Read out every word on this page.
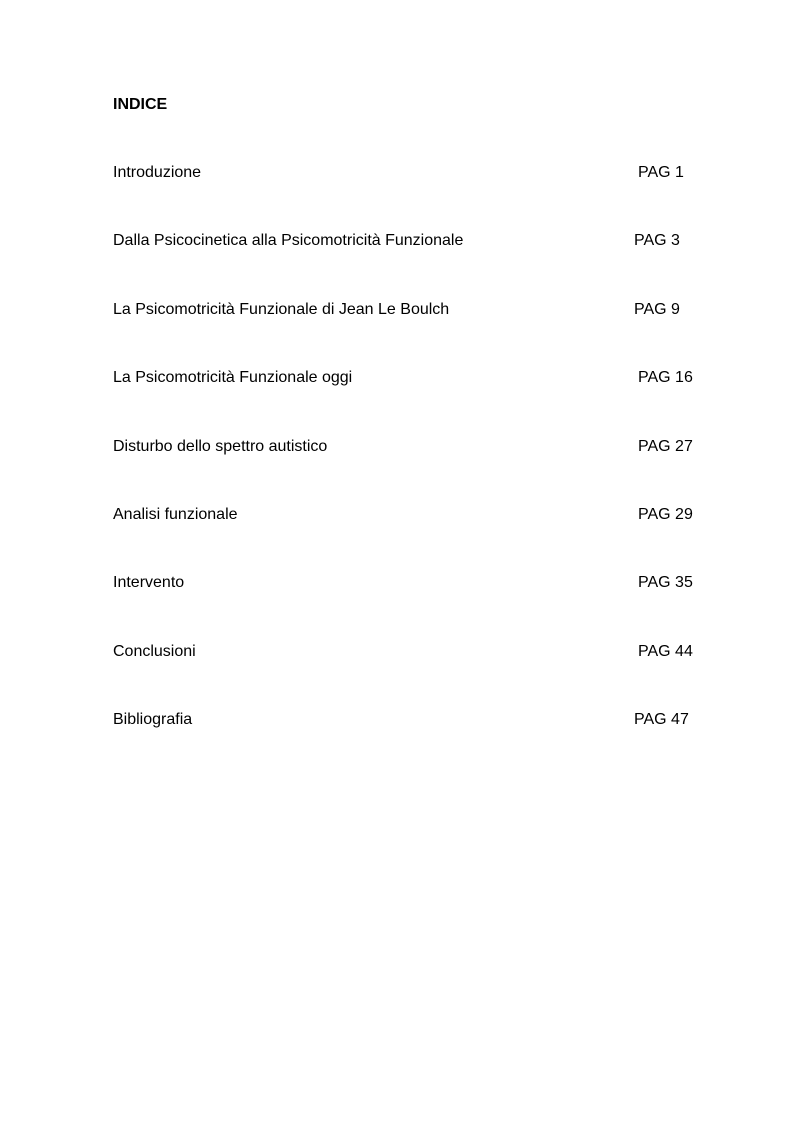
INDICE
Introduzione	PAG 1
Dalla Psicocinetica alla Psicomotricità Funzionale	PAG 3
La Psicomotricità Funzionale di Jean Le Boulch	PAG 9
La Psicomotricità Funzionale oggi	PAG 16
Disturbo dello spettro autistico	PAG 27
Analisi funzionale	PAG 29
Intervento	PAG 35
Conclusioni	PAG 44
Bibliografia	PAG 47
